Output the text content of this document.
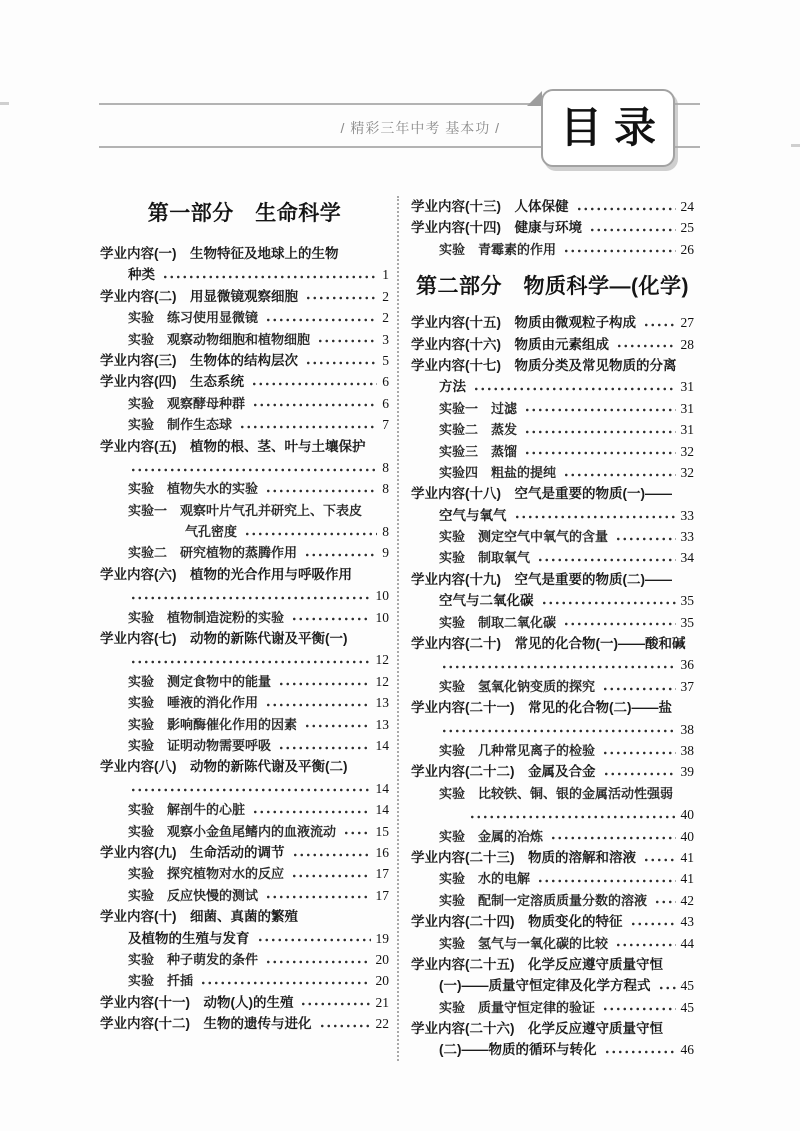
/ 精彩三年中考 基本功 / 目录
第一部分　生命科学
学业内容(一)　生物特征及地球上的生物
种类	1
学业内容(二)　用显微镜观察细胞	2
实验　练习使用显微镜	2
实验　观察动物细胞和植物细胞	3
学业内容(三)　生物体的结构层次	5
学业内容(四)　生态系统	6
实验　观察酵母种群	6
实验　制作生态球	7
学业内容(五)　植物的根、茎、叶与土壤保护
8
实验　植物失水的实验	8
实验一　观察叶片气孔并研究上、下表皮
气孔密度	8
实验二　研究植物的蒸腾作用	9
学业内容(六)　植物的光合作用与呼吸作用
10
实验　植物制造淀粉的实验	10
学业内容(七)　动物的新陈代谢及平衡(一)
12
实验　测定食物中的能量	12
实验　唾液的消化作用	13
实验　影响酶催化作用的因素	13
实验　证明动物需要呼吸	14
学业内容(八)　动物的新陈代谢及平衡(二)
14
实验　解剖牛的心脏	14
实验　观察小金鱼尾鳍内的血液流动	15
学业内容(九)　生命活动的调节	16
实验　探究植物对水的反应	17
实验　反应快慢的测试	17
学业内容(十)　细菌、真菌的繁殖
及植物的生殖与发育	19
实验　种子萌发的条件	20
实验　扦插	20
学业内容(十一)　动物(人)的生殖	21
学业内容(十二)　生物的遗传与进化	22
学业内容(十三)　人体保健	24
学业内容(十四)　健康与环境	25
实验　青霉素的作用	26
第二部分　物质科学—(化学)
学业内容(十五)　物质由微观粒子构成	27
学业内容(十六)　物质由元素组成	28
学业内容(十七)　物质分类及常见物质的分离
方法	31
实验一　过滤	31
实验二　蒸发	31
实验三　蒸馏	32
实验四　粗盐的提纯	32
学业内容(十八)　空气是重要的物质(一)——
空气与氧气	33
实验　测定空气中氧气的含量	33
实验　制取氧气	34
学业内容(十九)　空气是重要的物质(二)——
空气与二氧化碳	35
实验　制取二氧化碳	35
学业内容(二十)　常见的化合物(一)——酸和碱
36
实验　氢氧化钠变质的探究	37
学业内容(二十一)　常见的化合物(二)——盐
38
实验　几种常见离子的检验	38
学业内容(二十二)　金属及合金	39
实验　比较铁、铜、银的金属活动性强弱
40
实验　金属的冶炼	40
学业内容(二十三)　物质的溶解和溶液	41
实验　水的电解	41
实验　配制一定溶质质量分数的溶液 42
学业内容(二十四)　物质变化的特征	43
实验　氢气与一氧化碳的比较	44
学业内容(二十五)　化学反应遵守质量守恒
(一)——质量守恒定律及化学方程式 45
实验　质量守恒定律的验证	45
学业内容(二十六)　化学反应遵守质量守恒
(二)——物质的循环与转化	46
